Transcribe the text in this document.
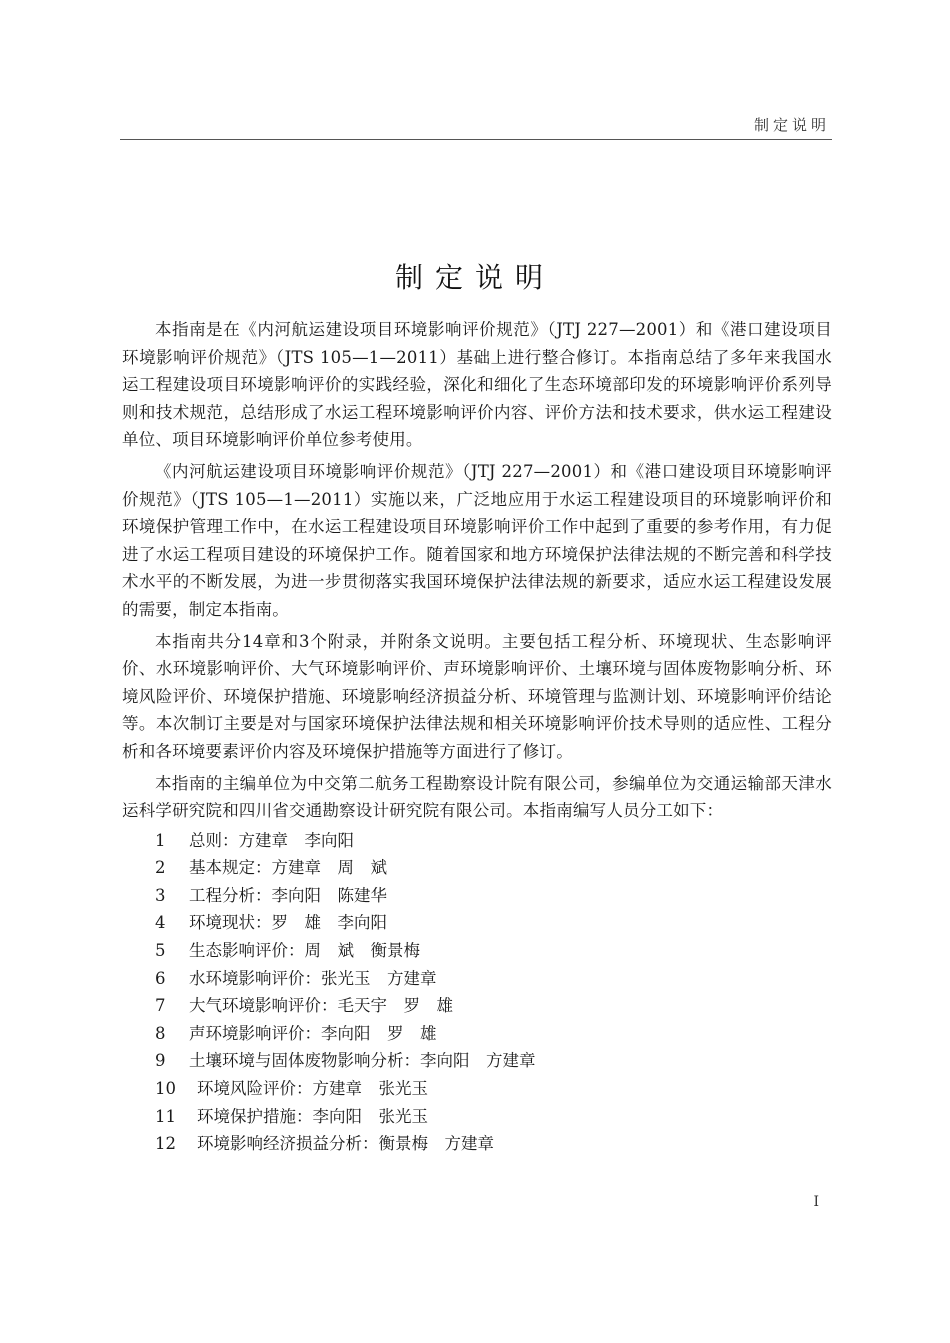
制定说明
制定说明

本指南是在《内河航运建设项目环境影响评价规范》（JTJ 227—2001）和《港口建设项目环境影响评价规范》（JTS 105—1—2011）基础上进行整合修订。本指南总结了多年来我国水运工程建设项目环境影响评价的实践经验，深化和细化了生态环境部印发的环境影响评价系列导则和技术规范，总结形成了水运工程环境影响评价内容、评价方法和技术要求，供水运工程建设单位、项目环境影响评价单位参考使用。

《内河航运建设项目环境影响评价规范》（JTJ 227—2001）和《港口建设项目环境影响评价规范》（JTS 105—1—2011）实施以来，广泛地应用于水运工程建设项目的环境影响评价和环境保护管理工作中，在水运工程建设项目环境影响评价工作中起到了重要的参考作用，有力促进了水运工程项目建设的环境保护工作。随着国家和地方环境保护法律法规的不断完善和科学技术水平的不断发展，为进一步贯彻落实我国环境保护法律法规的新要求，适应水运工程建设发展的需要，制定本指南。

本指南共分14章和3个附录，并附条文说明。主要包括工程分析、环境现状、生态影响评价、水环境影响评价、大气环境影响评价、声环境影响评价、土壤环境与固体废物影响分析、环境风险评价、环境保护措施、环境影响经济损益分析、环境管理与监测计划、环境影响评价结论等。本次制订主要是对与国家环境保护法律法规和相关环境影响评价技术导则的适应性、工程分析和各环境要素评价内容及环境保护措施等方面进行了修订。

本指南的主编单位为中交第二航务工程勘察设计院有限公司，参编单位为交通运输部天津水运科学研究院和四川省交通勘察设计研究院有限公司。本指南编写人员分工如下：

1	总则：方建章　李向阳
2	基本规定：方建章　周　斌
3	工程分析：李向阳　陈建华
4	环境现状：罗　雄　李向阳
5	生态影响评价：周　斌　衡景梅
6	水环境影响评价：张光玉　方建章
7	大气环境影响评价：毛天宇　罗　雄
8	声环境影响评价：李向阳　罗　雄
9	土壤环境与固体废物影响分析：李向阳　方建章
10	环境风险评价：方建章　张光玉
11	环境保护措施：李向阳　张光玉
12	环境影响经济损益分析：衡景梅　方建章
I
